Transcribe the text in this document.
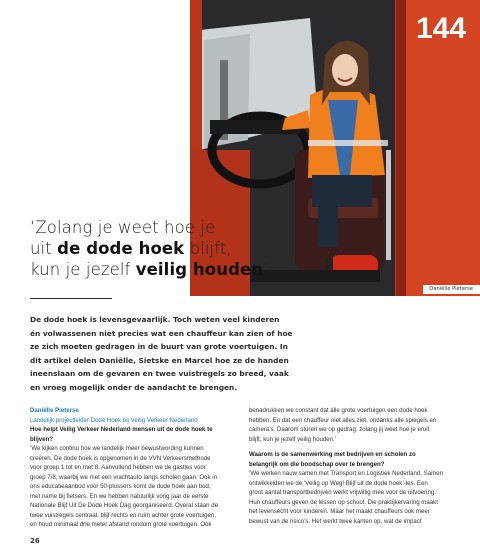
144
Daniëlle Pieterse
‘Zolang je weet hoe je
uit de dode hoek blijft,
kun je jezelf veilig houden’
De dode hoek is levensgevaarlijk. Toch weten veel kinderen
én volwassenen niet precies wat een chauffeur kan zien of hoe
ze zich moeten gedragen in de buurt van grote voertuigen. In
dit artikel delen Daniëlle, Sietske en Marcel hoe ze de handen
ineenslaan om de gevaren en twee vuistregels zo breed, vaak
en vroeg mogelijk onder de aandacht te brengen.
Daniëlle Pieterse
Landelijk projectleider Dode Hoek bij Veilig Verkeer Nederland
Hoe helpt Veilig Verkeer Nederland mensen uit de dode hoek te
blijven?
‘We kijken continu hoe we landelijk meer bewustwording kunnen
creëren. De dode hoek is opgenomen in de VVN Verkeersmethode
voor groep 1 tot en met 8. Aanvullend hebben we de gastles voor
groep 7/8, waarbij we met een vrachtauto langs scholen gaan. Ook in
ons educatieaanbod voor 50-plussers komt de dode hoek aan bod,
met name bij fietsers. En we hebben natuurlijk vorig jaar de eerste
Nationale Blijf Uit De Dode Hoek Dag georganiseerd. Overal staan de
twee vuistregels centraal: blijf rechts en ruim achter grote voertuigen,
en houd minimaal drie meter afstand rondom grote voertuigen. Ook
benadrukken we constant dat álle grote voertuigen een dode hoek
hebben. En dat een chauffeur niet alles ziet, ondanks alle spiegels en
camera's. Daarom sturen we op gedrag: zolang jij weet hoe je eruit
blijft, kun je jezelf veilig houden.’
Waarom is de samenwerking met bedrijven en scholen zo
belangrijk om die boodschap over te brengen?
‘We werken nauw samen met Transport en Logistiek Nederland. Samen
ontwikkelden we de ‘Veilig op Weg! Blijf uit de dode hoek’-les. Een
groot aantal transportbedrijven werkt vrijwillig mee voor de uitvoering.
Hun chauffeurs geven de lessen op school. Die praktijkervaring maakt
het levensecht voor kinderen. Maar het maakt chauffeurs ook meer
bewust van de risico's. Het werkt twee kanten op, wat de impact
26
